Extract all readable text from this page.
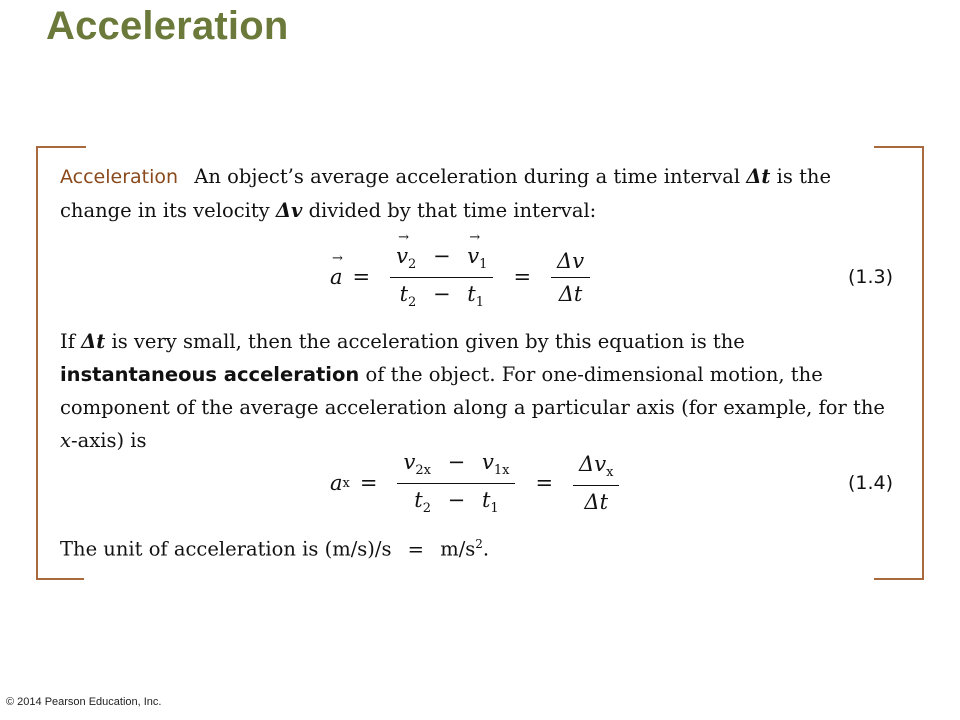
Acceleration
Acceleration An object’s average acceleration during a time interval Δt is the change in its velocity Δv divided by that time interval:
a → = $\frac{v \to_2 - v \to_1}{t_2 - t_1} = \frac{\Delta v}{\Delta t}$	(1.3)
If Δt is very small, then the acceleration given by this equation is the instantaneous acceleration of the object. For one-dimensional motion, the component of the average acceleration along a particular axis (for example, for the x-axis) is
a $x = \frac{v_{2x} - v_{1x}}{t_2 - t_1} = \frac{\Delta v_x}{\Delta t}$	(1.4)
The unit of acceleration is $(m/s)/s = m/s^2$.
© 2014 Pearson Education, Inc.
